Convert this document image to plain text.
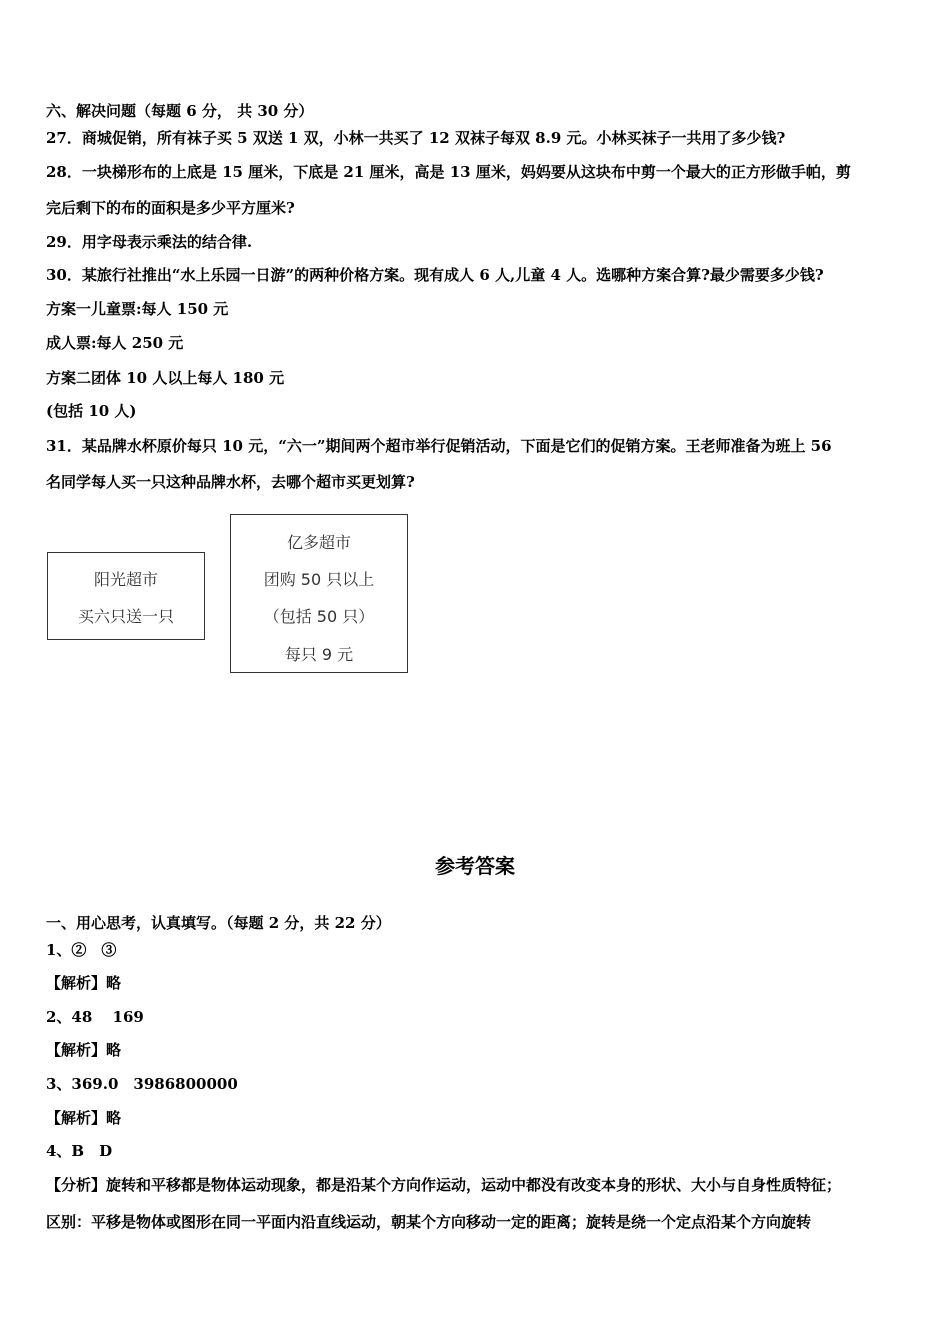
六、解决问题（每题 6 分， 共 30 分）
27．商城促销，所有袜子买 5 双送 1 双，小林一共买了 12 双袜子每双 8.9 元。小林买袜子一共用了多少钱?
28．一块梯形布的上底是 15 厘米，下底是 21 厘米，高是 13 厘米，妈妈要从这块布中剪一个最大的正方形做手帕，剪
完后剩下的布的面积是多少平方厘米?
29．用字母表示乘法的结合律.
30．某旅行社推出“水上乐园一日游”的两种价格方案。现有成人 6 人,儿童 4 人。选哪种方案合算?最少需要多少钱?
方案一儿童票:每人 150 元
成人票:每人 250 元
方案二团体 10 人以上每人 180 元
(包括 10 人)
31．某品牌水杯原价每只 10 元，“六一”期间两个超市举行促销活动，下面是它们的促销方案。王老师准备为班上 56
名同学每人买一只这种品牌水杯，去哪个超市买更划算?
阳光超市
买六只送一只
亿多超市
团购 50 只以上
（包括 50 只）
每只 9 元
参考答案
一、用心思考，认真填写。（每题 2 分，共 22 分）
1、②　③
【解析】略
2、48　 169
【解析】略
3、369.0　3986800000
【解析】略
4、B　D
【分析】旋转和平移都是物体运动现象，都是沿某个方向作运动，运动中都没有改变本身的形状、大小与自身性质特征；
区别：平移是物体或图形在同一平面内沿直线运动，朝某个方向移动一定的距离；旋转是绕一个定点沿某个方向旋转
